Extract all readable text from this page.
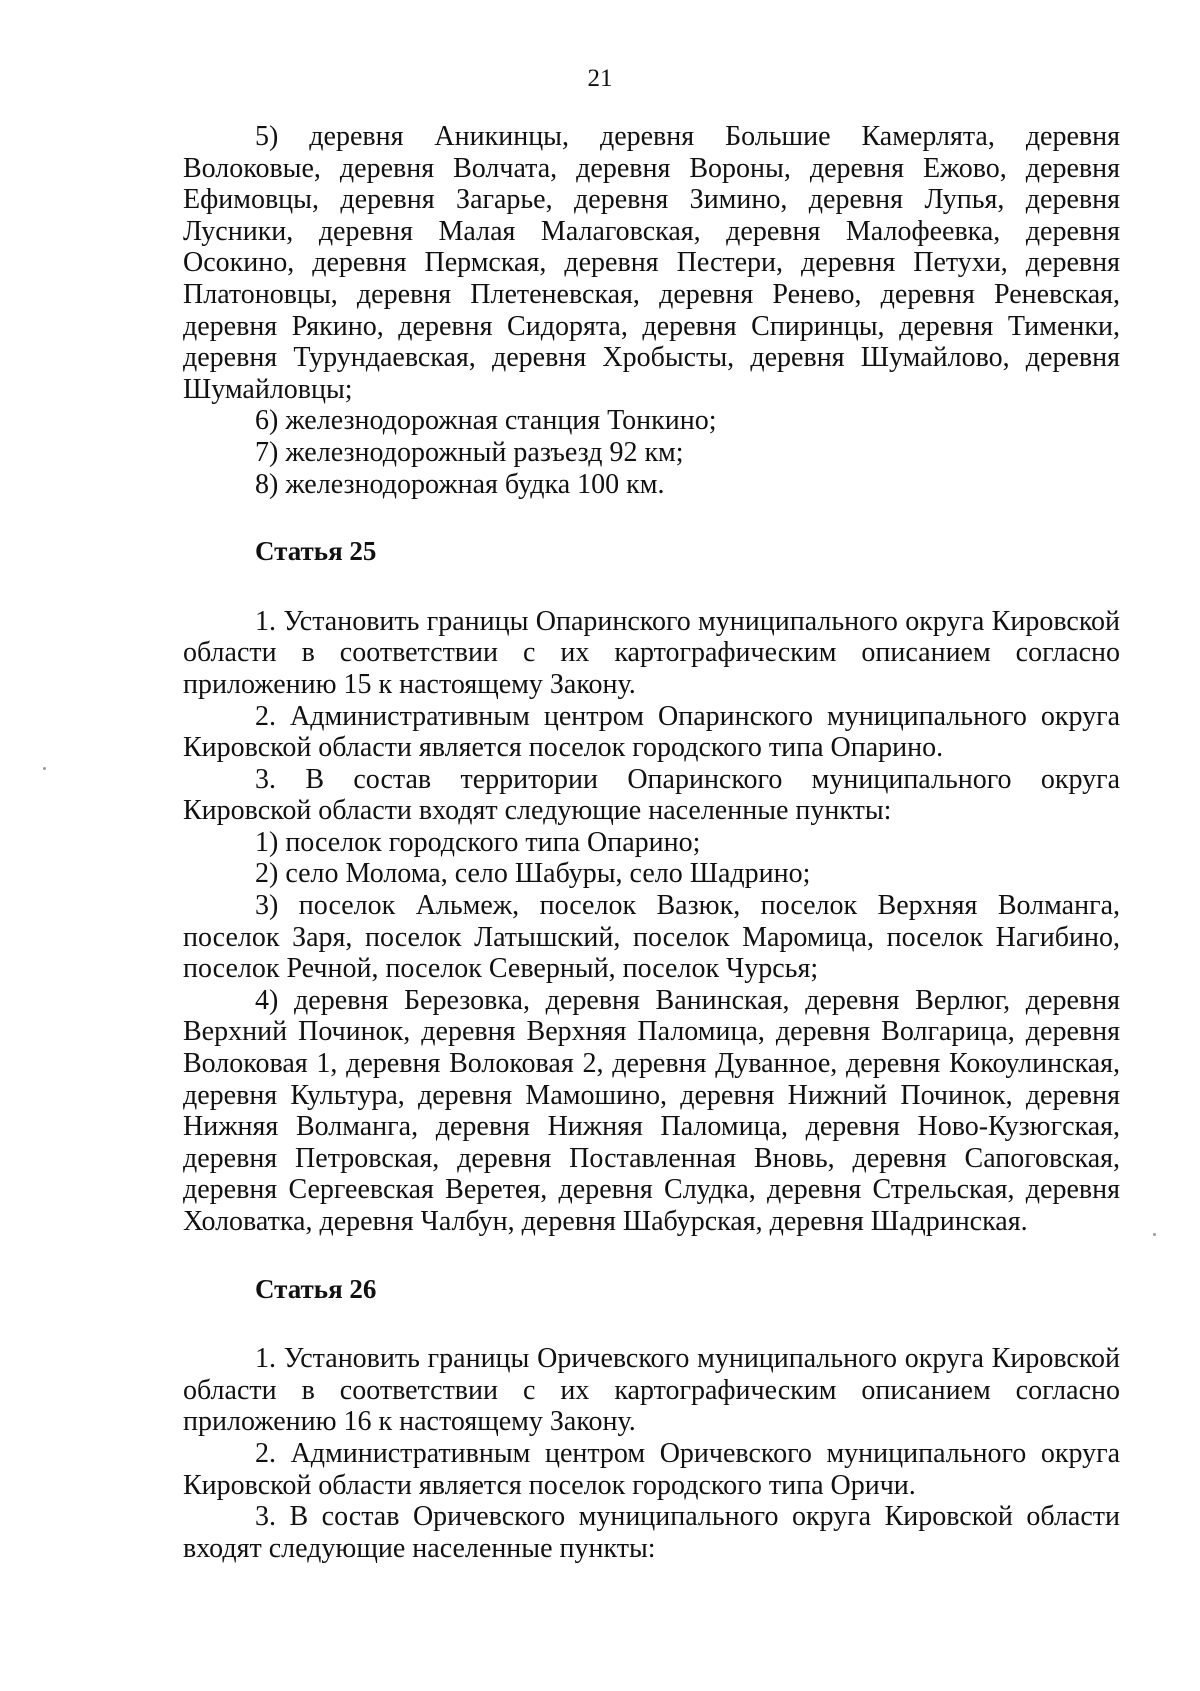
21

5) деревня Аникинцы, деревня Большие Камерлята, деревня Волоковые, деревня Волчата, деревня Вороны, деревня Ежово, деревня Ефимовцы, деревня Загарье, деревня Зимино, деревня Лупья, деревня Лусники, деревня Малая Малаговская, деревня Малофеевка, деревня Осокино, деревня Пермская, деревня Пестери, деревня Петухи, деревня Платоновцы, деревня Плетеневская, деревня Ренево, деревня Реневская, деревня Рякино, деревня Сидорята, деревня Спиринцы, деревня Тименки, деревня Турундаевская, деревня Хробысты, деревня Шумайлово, деревня Шумайловцы;

6) железнодорожная станция Тонкино;

7) железнодорожный разъезд 92 км;

8) железнодорожная будка 100 км.

Статья 25

1. Установить границы Опаринского муниципального округа Кировской области в соответствии с их картографическим описанием согласно приложению 15 к настоящему Закону.

2. Административным центром Опаринского муниципального округа Кировской области является поселок городского типа Опарино.

3. В состав территории Опаринского муниципального округа Кировской области входят следующие населенные пункты:

1) поселок городского типа Опарино;

2) село Молома, село Шабуры, село Шадрино;

3) поселок Альмеж, поселок Вазюк, поселок Верхняя Волманга, поселок Заря, поселок Латышский, поселок Маромица, поселок Нагибино, поселок Речной, поселок Северный, поселок Чурсья;

4) деревня Березовка, деревня Ванинская, деревня Верлюг, деревня Верхний Починок, деревня Верхняя Паломица, деревня Волгарица, деревня Волоковая 1, деревня Волоковая 2, деревня Дуванное, деревня Кокоулинская, деревня Культура, деревня Мамошино, деревня Нижний Починок, деревня Нижняя Волманга, деревня Нижняя Паломица, деревня Ново-Кузюгская, деревня Петровская, деревня Поставленная Вновь, деревня Сапоговская, деревня Сергеевская Веретея, деревня Слудка, деревня Стрельская, деревня Холоватка, деревня Чалбун, деревня Шабурская, деревня Шадринская.

Статья 26

1. Установить границы Оричевского муниципального округа Кировской области в соответствии с их картографическим описанием согласно приложению 16 к настоящему Закону.

2. Административным центром Оричевского муниципального округа Кировской области является поселок городского типа Оричи.

3. В состав Оричевского муниципального округа Кировской области входят следующие населенные пункты:
